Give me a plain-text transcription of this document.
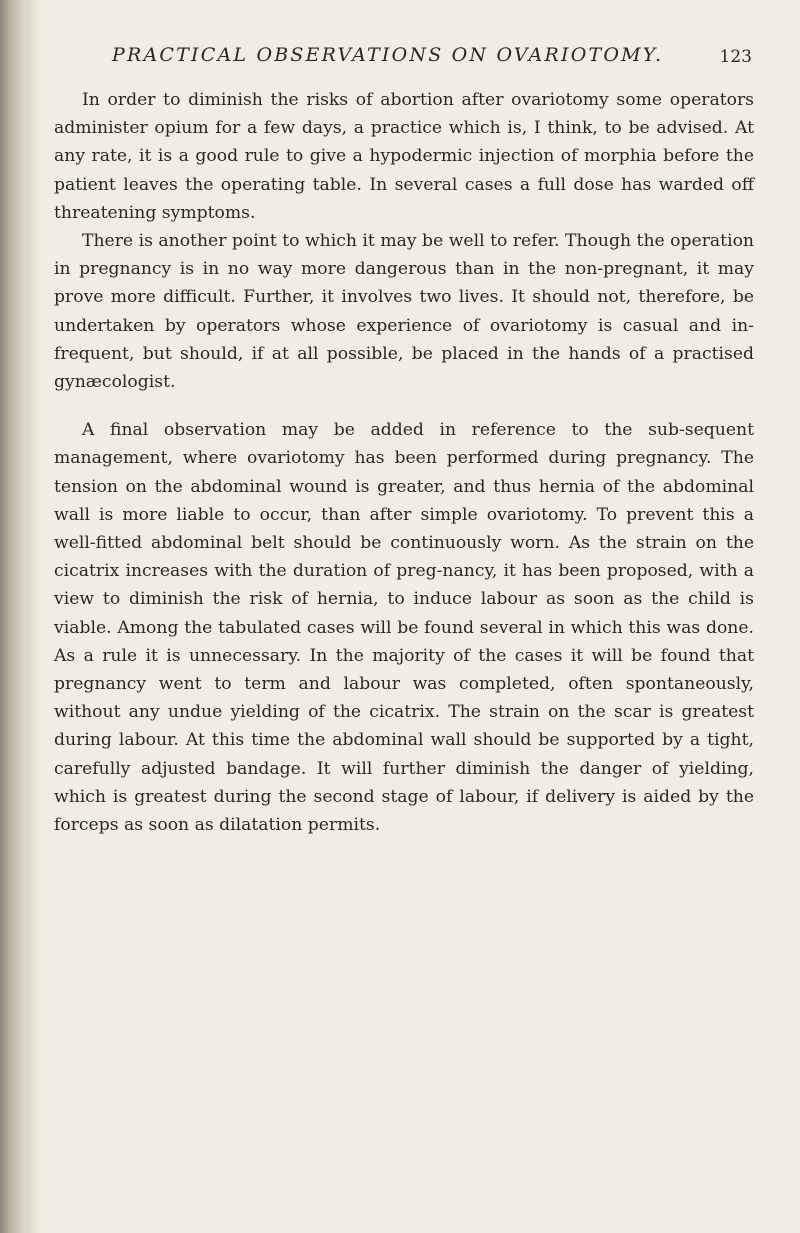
PRACTICAL OBSERVATIONS ON OVARIOTOMY.	123

In order to diminish the risks of abortion after ovariotomy some operators administer opium for a few days, a practice which is, I think, to be advised. At any rate, it is a good rule to give a hypodermic injection of morphia before the patient leaves the operating table. In several cases a full dose has warded off threatening symptoms.

There is another point to which it may be well to refer. Though the operation in pregnancy is in no way more dangerous than in the non-pregnant, it may prove more difficult. Further, it involves two lives. It should not, therefore, be undertaken by operators whose experience of ovariotomy is casual and in-frequent, but should, if at all possible, be placed in the hands of a practised gynæcologist.

A final observation may be added in reference to the sub-sequent management, where ovariotomy has been performed during pregnancy. The tension on the abdominal wound is greater, and thus hernia of the abdominal wall is more liable to occur, than after simple ovariotomy. To prevent this a well-fitted abdominal belt should be continuously worn. As the strain on the cicatrix increases with the duration of preg-nancy, it has been proposed, with a view to diminish the risk of hernia, to induce labour as soon as the child is viable. Among the tabulated cases will be found several in which this was done. As a rule it is unnecessary. In the majority of the cases it will be found that pregnancy went to term and labour was completed, often spontaneously, without any undue yielding of the cicatrix. The strain on the scar is greatest during labour. At this time the abdominal wall should be supported by a tight, carefully adjusted bandage. It will further diminish the danger of yielding, which is greatest during the second stage of labour, if delivery is aided by the forceps as soon as dilatation permits.
